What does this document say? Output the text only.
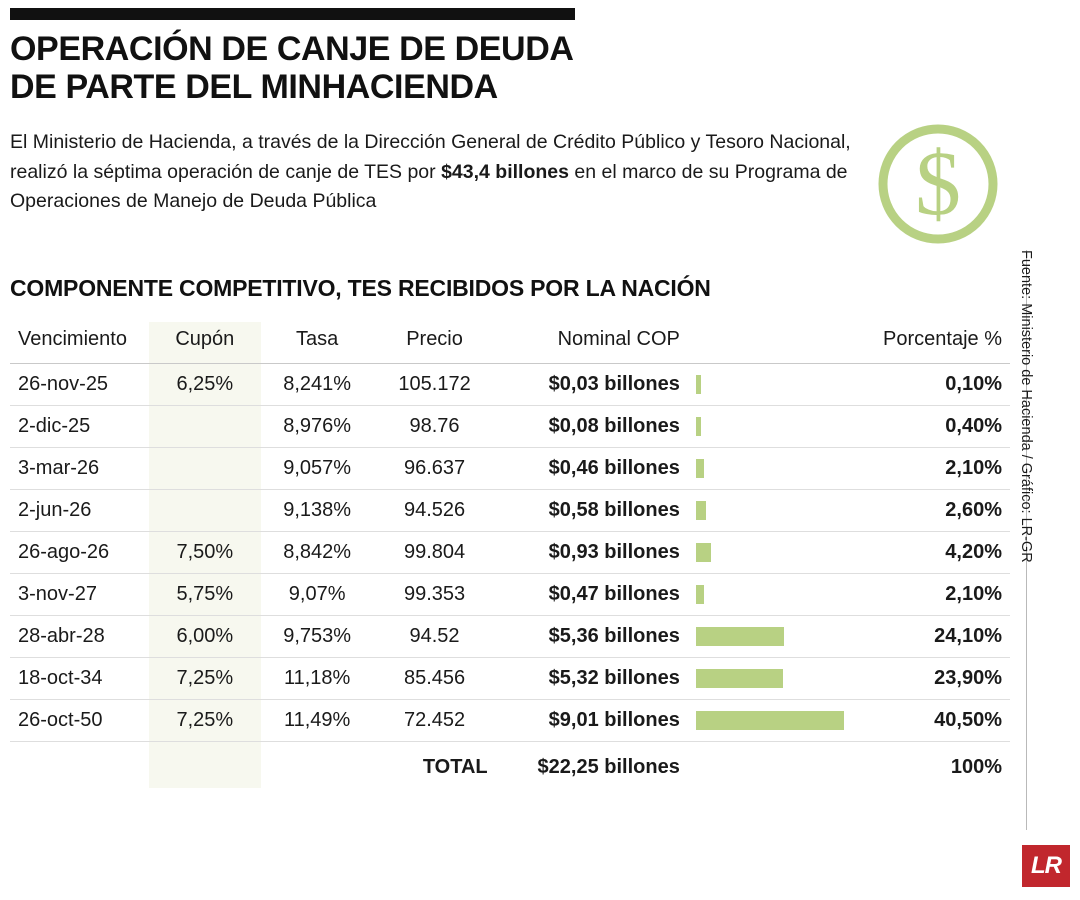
OPERACIÓN DE CANJE DE DEUDA
DE PARTE DEL MINHACIENDA
El Ministerio de Hacienda, a través de la Dirección General de Crédito Público y Tesoro Nacional, realizó la séptima operación de canje de TES por $43,4 billones en el marco de su Programa de Operaciones de Manejo de Deuda Pública	$
COMPONENTE COMPETITIVO, TES RECIBIDOS POR LA NACIÓN
Vencimiento	Cupón	Tasa	Precio	Nominal COP		Porcentaje %
26-nov-25	6,25%	8,241%	105.172	$0,03 billones		0,10%
2-dic-25		8,976%	98.76	$0,08 billones		0,40%
3-mar-26		9,057%	96.637	$0,46 billones		2,10%
2-jun-26		9,138%	94.526	$0,58 billones		2,60%
26-ago-26	7,50%	8,842%	99.804	$0,93 billones		4,20%
3-nov-27	5,75%	9,07%	99.353	$0,47 billones		2,10%
28-abr-28	6,00%	9,753%	94.52	$5,36 billones		24,10%
18-oct-34	7,25%	11,18%	85.456	$5,32 billones		23,90%
26-oct-50	7,25%	11,49%	72.452	$9,01 billones		40,50%
			TOTAL	$22,25 billones		100%
Fuente: Ministerio de Hacienda / Gráfico: LR-GR
LR
